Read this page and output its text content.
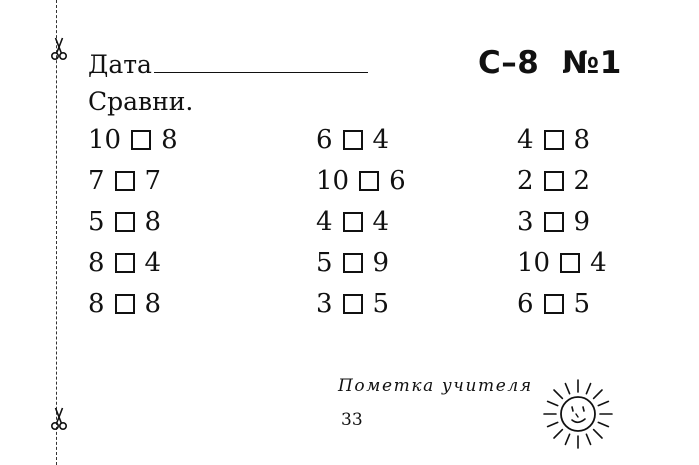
Дата	С–8  №1
Сравни.
10 8
7 7
5 8
8 4
8 8
6 4
10 6
4 4
5 9
3 5
4 8
2 2
3 9
10 4
6 5
Пометка учителя
33
